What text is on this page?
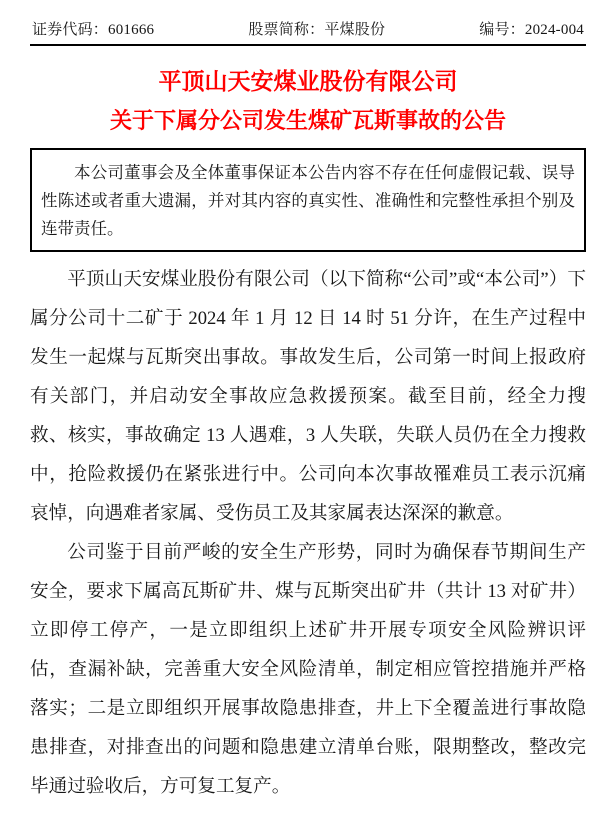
证券代码：601666	股票简称：平煤股份	编号：2024-004
平顶山天安煤业股份有限公司
关于下属分公司发生煤矿瓦斯事故的公告

本公司董事会及全体董事保证本公告内容不存在任何虚假记载、误导性陈述或者重大遗漏，并对其内容的真实性、准确性和完整性承担个别及连带责任。

平顶山天安煤业股份有限公司（以下简称“公司”或“本公司”）下属分公司十二矿于 2024 年 1 月 12 日 14 时 51 分许，在生产过程中发生一起煤与瓦斯突出事故。事故发生后，公司第一时间上报政府有关部门，并启动安全事故应急救援预案。截至目前，经全力搜救、核实，事故确定 13 人遇难，3 人失联，失联人员仍在全力搜救中，抢险救援仍在紧张进行中。公司向本次事故罹难员工表示沉痛哀悼，向遇难者家属、受伤员工及其家属表达深深的歉意。

公司鉴于目前严峻的安全生产形势，同时为确保春节期间生产安全，要求下属高瓦斯矿井、煤与瓦斯突出矿井（共计 13 对矿井）立即停工停产，一是立即组织上述矿井开展专项安全风险辨识评估，查漏补缺，完善重大安全风险清单，制定相应管控措施并严格落实；二是立即组织开展事故隐患排查，井上下全覆盖进行事故隐患排查，对排查出的问题和隐患建立清单台账，限期整改，整改完毕通过验收后，方可复工复产。
